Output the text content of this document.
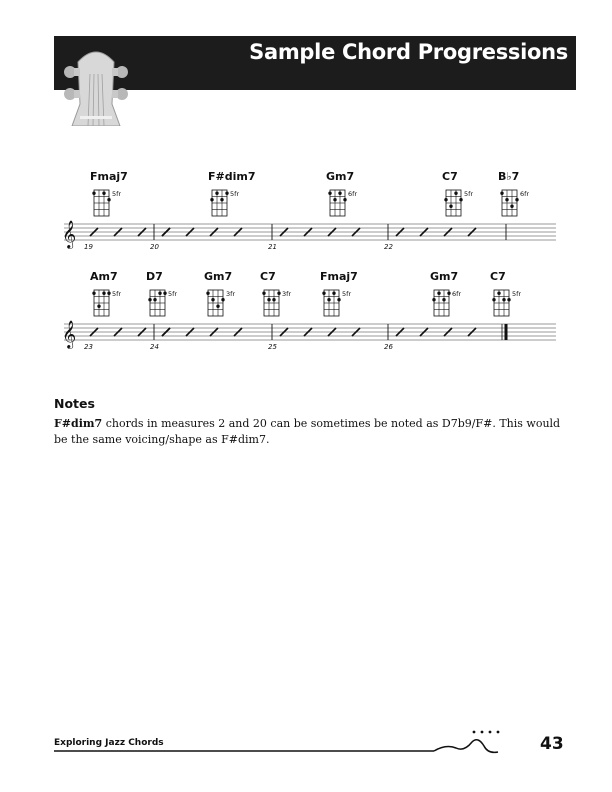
Sample Chord Progressions
Fmaj7
5fr
F#dim7
5fr
Gm7
6fr
C7
5fr
B♭7
6fr
𝄞 19	20	21	22
Am7
5fr
D7
5fr
Gm7
3fr
C7
3fr
Fmaj7
5fr
Gm7
6fr
C7
5fr
𝄞 23	24	25	26
Notes
F#dim7 chords in measures 2 and 20 can be sometimes be noted as D7b9/F#. This would be the same voicing/shape as F#dim7.
Exploring Jazz Chords	43
